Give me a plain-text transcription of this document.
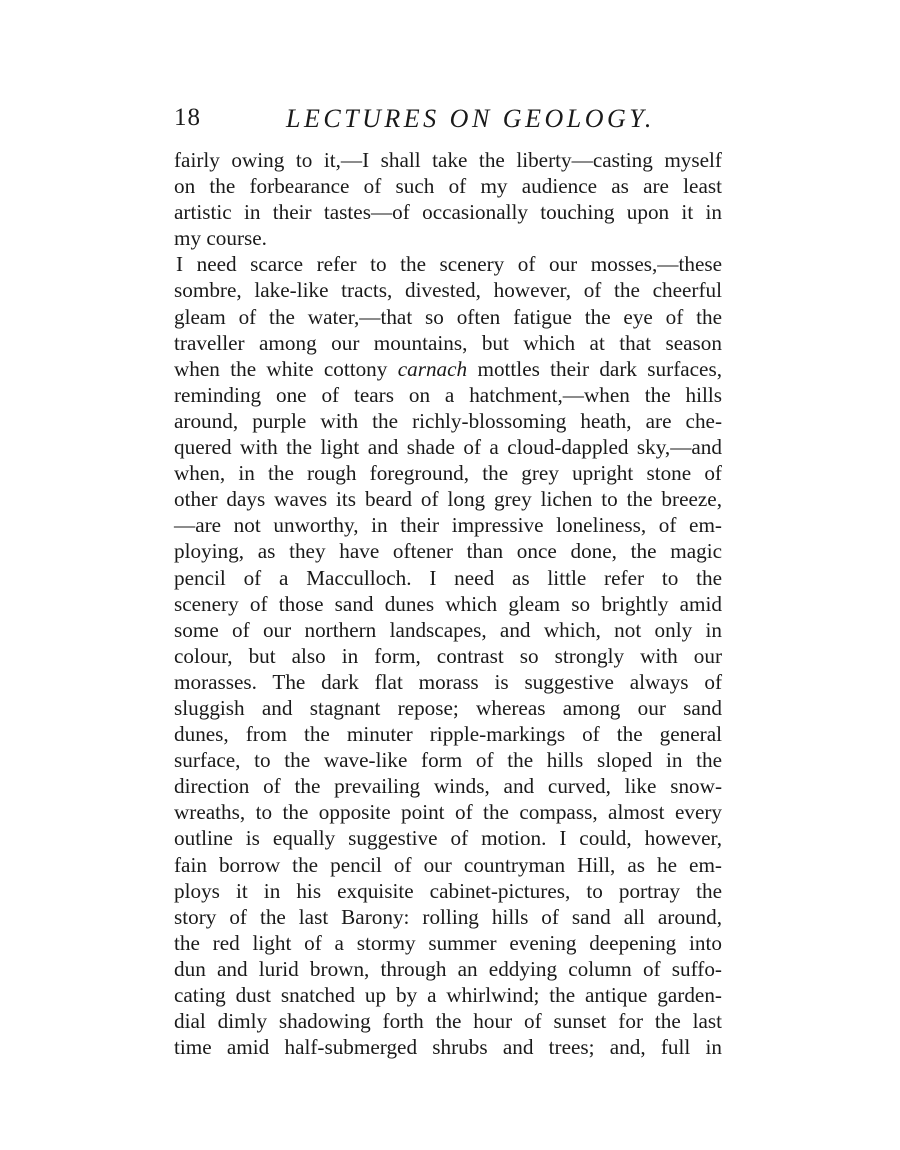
18	LECTURES ON GEOLOGY.
fairly owing to it,—I shall take the liberty—casting myself
on the forbearance of such of my audience as are least
artistic in their tastes—of occasionally touching upon it in
my course.
I need scarce refer to the scenery of our mosses,—these
sombre, lake-like tracts, divested, however, of the cheerful
gleam of the water,—that so often fatigue the eye of the
traveller among our mountains, but which at that season
when the white cottony carnach mottles their dark surfaces,
reminding one of tears on a hatchment,—when the hills
around, purple with the richly-blossoming heath, are che-
quered with the light and shade of a cloud-dappled sky,—and
when, in the rough foreground, the grey upright stone of
other days waves its beard of long grey lichen to the breeze,
—are not unworthy, in their impressive loneliness, of em-
ploying, as they have oftener than once done, the magic
pencil of a Macculloch. I need as little refer to the
scenery of those sand dunes which gleam so brightly amid
some of our northern landscapes, and which, not only in
colour, but also in form, contrast so strongly with our
morasses. The dark flat morass is suggestive always of
sluggish and stagnant repose; whereas among our sand
dunes, from the minuter ripple-markings of the general
surface, to the wave-like form of the hills sloped in the
direction of the prevailing winds, and curved, like snow-
wreaths, to the opposite point of the compass, almost every
outline is equally suggestive of motion. I could, however,
fain borrow the pencil of our countryman Hill, as he em-
ploys it in his exquisite cabinet-pictures, to portray the
story of the last Barony: rolling hills of sand all around,
the red light of a stormy summer evening deepening into
dun and lurid brown, through an eddying column of suffo-
cating dust snatched up by a whirlwind; the antique garden-
dial dimly shadowing forth the hour of sunset for the last
time amid half-submerged shrubs and trees; and, full in
